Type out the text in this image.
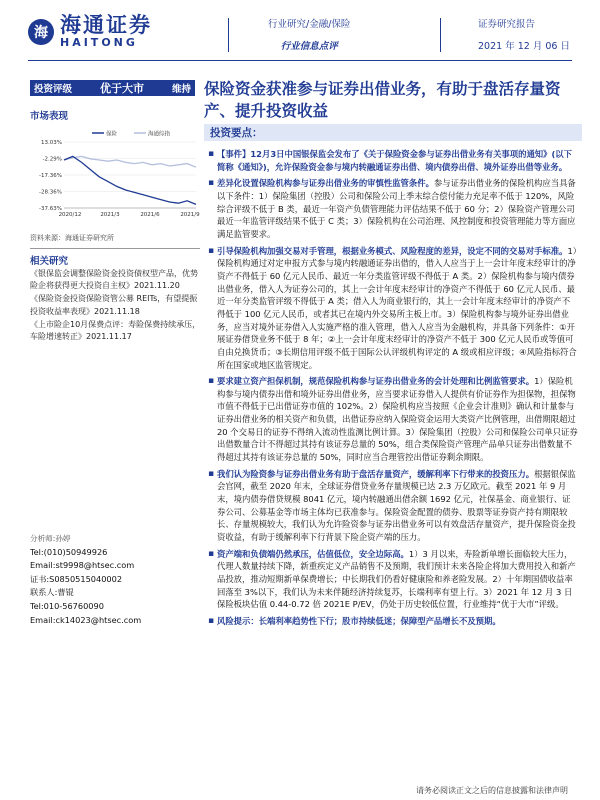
海 海通证券
HAITONG
行业研究/金融/保险
行业信息点评
证券研究报告
2021 年 12 月 06 日
投资评级	优于大市	维持
市场表现
保险	海通综指
13.03%
-2.29%
-17.36%
-28.36%
-37.63%
2020/12	2021/3	2021/6	2021/9
资料来源：海通证券研究所
相关研究
《银保监会调整保险资金投资债权型产品，优势险企将获得更大投资自主权》2021.11.20
《保险资金投资保险资管公募 REITs，有望提振投资收益率表现》2021.11.18
《上市险企10月保费点评：寿险保费持续承压，车险增速转正》2021.11.17
分析师:孙婷
Tel:(010)50949926
Email:st9998@htsec.com
证书:S0850515040002
联系人:曹锟
Tel:010-56760090
Email:ck14023@htsec.com
保险资金获准参与证券出借业务，有助于盘活存量资产、提升投资收益
投资要点：
▪ 【事件】12月3日中国银保监会发布了《关于保险资金参与证券出借业务有关事项的通知》(以下简称《通知》)，允许保险资金参与境内转融通证券出借、境内债券出借、境外证券出借等业务。
▪ 差异化设置保险机构参与证券出借业务的审慎性监管条件。参与证券出借业务的保险机构应当具备以下条件：1）保险集团（控股）公司和保险公司上季末综合偿付能力充足率不低于 120%，风险综合评级不低于 B 类，最近一年资产负债管理能力评估结果不低于 60 分；2）保险资产管理公司最近一年监管评级结果不低于 C 类；3）保险机构在公司治理、风控制度和投资管理能力等方面应满足监管要求。
▪ 引导保险机构加强交易对手管理，根据业务模式、风险程度的差异，设定不同的交易对手标准。1）保险机构通过对定申报方式参与境内转融通证券出借的，借入人应当于上一会计年度末经审计的净资产不得低于 60 亿元人民币、最近一年分类监管评级不得低于 A 类。2）保险机构参与境内债券出借业务，借入人为证券公司的，其上一会计年度末经审计的净资产不得低于 60 亿元人民币、最近一年分类监管评级不得低于 A 类；借入人为商业银行的，其上一会计年度末经审计的净资产不得低于 100 亿元人民币，或者其已在境内外交易所主板上市。3）保险机构参与境外证券出借业务，应当对境外证券借入人实施严格的准入管理，借入人应当为金融机构，并具备下列条件：①开展证券借贷业务不低于 8 年；②上一会计年度末经审计的净资产不低于 300 亿元人民币或等值可自由兑换货币；③长期信用评级不低于国际公认评级机构评定的 A 级或相应评级；④风险指标符合所在国家或地区监管规定。
▪ 要求建立资产担保机制，规范保险机构参与证券出借业务的会计处理和比例监管要求。1）保险机构参与境内债券出借和境外证券出借业务，应当要求证券借入人提供有价证券作为担保物，担保物市值不得低于已出借证券市值的 102%。2）保险机构应当按照《企业会计准则》确认和计量参与证券出借业务的相关资产和负债，出借证券应纳入保险资金运用大类资产比例管理，出借期限超过 20 个交易日的证券不得纳入流动性监测比例计算。3）保险集团（控股）公司和保险公司单只证券出借数量合计不得超过其持有该证券总量的 50%，组合类保险资产管理产品单只证券出借数量不得超过其持有该证券总量的 50%，同时应当合理管控出借证券剩余期限。
▪ 我们认为险资参与证券出借业务有助于盘活存量资产，缓解利率下行带来的投资压力。根据银保监会官网，截至 2020 年末，全球证券借贷业务存量规模已达 2.3 万亿欧元。截至 2021 年 9 月末，境内债券借贷规模 8041 亿元，境内转融通出借余额 1692 亿元，社保基金、商业银行、证券公司、公募基金等市场主体均已获准参与。保险资金配置的债券、股票等证券资产持有期限较长、存量规模较大，我们认为允许险资参与证券出借业务可以有效盘活存量资产，提升保险资金投资收益，有助于缓解利率下行背景下险企资产端的压力。
▪ 资产端和负债端仍然承压，估值低位，安全边际高。1）3 月以来，寿险新单增长面临较大压力，代理人数量持续下降，新重疾定义产品销售不及预期，我们预计未来各险企将加大费用投入和新产品投放，推动短期新单保费增长；中长期我们仍看好健康险和养老险发展。2）十年期国债收益率回落至 3%以下，我们认为未来伴随经济持续复苏，长端利率有望上行。3）2021 年 12 月 3 日保险板块估值 0.44-0.72 倍 2021E P/EV，仍处于历史较低位置，行业维持“优于大市”评级。
▪ 风险提示：长端利率趋势性下行；股市持续低迷；保障型产品增长不及预期。
请务必阅读正文之后的信息披露和法律声明
